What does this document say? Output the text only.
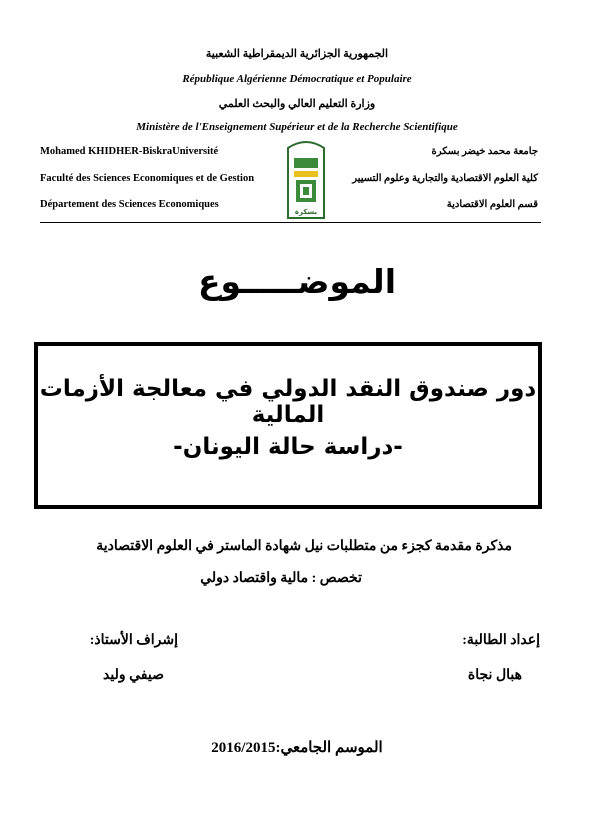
الجمهورية الجزائرية الديمقراطية الشعبية
République Algérienne Démocratique et Populaire
وزارة التعليم العالي والبحث العلمي
Ministère de l'Enseignement Supérieur et de la Recherche Scientifique
Mohamed KHIDHER-BiskraUniversité
Faculté des Sciences Economiques et de Gestion
Département des Sciences Economiques
جامعة محمد خيضر بسكرة
كلية العلوم الاقتصادية والتجارية وعلوم التسيير
قسم العلوم الاقتصادية
بسكرة
الموضـــــوع
دور صندوق النقد الدولي في معالجة الأزمات المالية
-دراسة حالة اليونان-
مذكرة مقدمة كجزء من متطلبات نيل شهادة الماستر في العلوم الاقتصادية
تخصص : مالية واقتصاد دولي
إعداد الطالبة:
هبال نجاة
إشراف الأستاذ:
صيفي وليد
الموسم الجامعي:2016/2015
